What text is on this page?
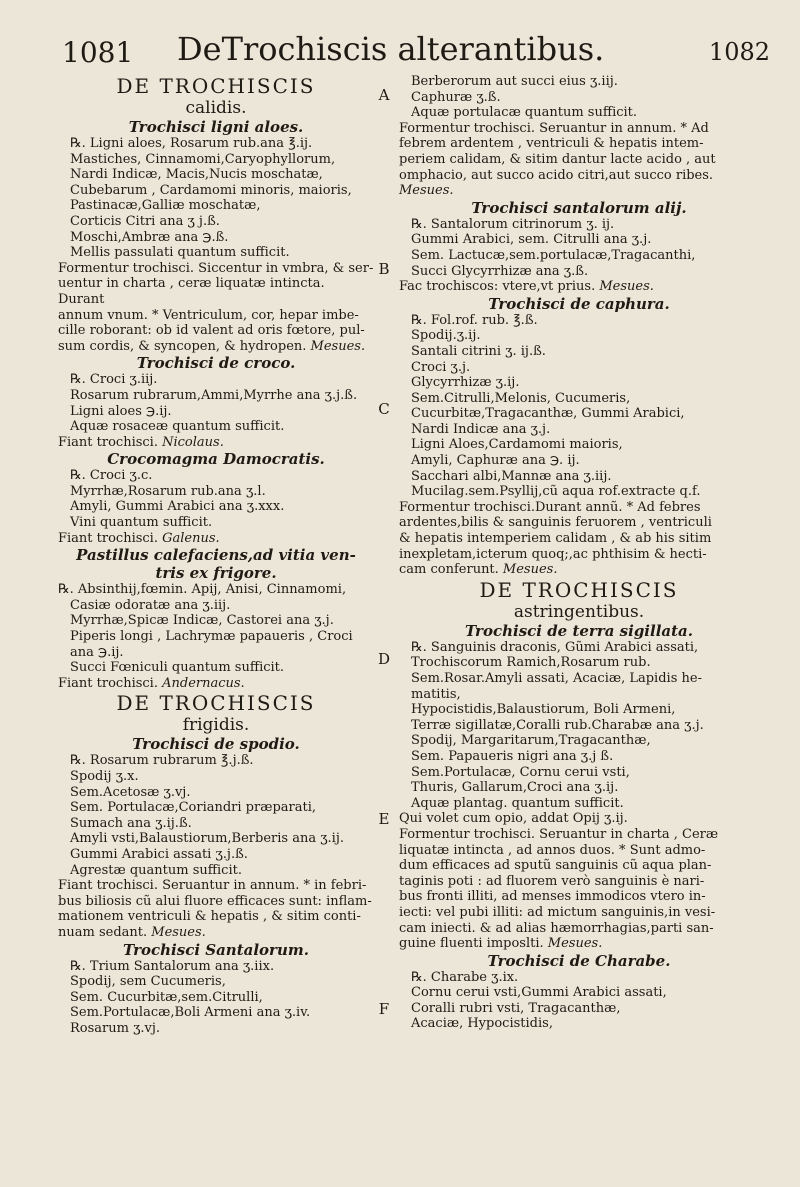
1081 DeTrochiscis alterantibus.	1082

DE TROCHISCIS

calidis.

Trochisci ligni aloes.

℞. Ligni aloes, Rosarum rub.ana ℥.ij.

Mastiches, Cinnamomi,Caryophyllorum,

Nardi Indicæ, Macis,Nucis moschatæ,

Cubebarum , Cardamomi minoris, maioris,

Pastinacæ,Galliæ moschatæ,

Corticis Citri ana ʒ j.ß.

Moschi,Ambræ ana ℈.ß.

Mellis passulati quantum sufficit.

Formentur trochisci. Siccentur in vmbra, & ser-

uentur in charta , ceræ liquatæ intincta. Durant

annum vnum. * Ventriculum, cor, hepar imbe-

cille roborant: ob id valent ad oris fœtore, pul-

sum cordis, & syncopen, & hydropen. Mesues.

Trochisci de croco.

℞. Croci ʒ.iij.

Rosarum rubrarum,Ammi,Myrrhe ana ʒ.j.ß.

Ligni aloes ℈.ij.

Aquæ rosaceæ quantum sufficit.

Fiant trochisci. Nicolaus.

Crocomagma Damocratis.

℞. Croci ʒ.c.

Myrrhæ,Rosarum rub.ana ʒ.l.

Amyli, Gummi Arabici ana ʒ.xxx.

Vini quantum sufficit.

Fiant trochisci. Galenus.

Pastillus calefaciens,ad vitia ven-

tris ex frigore.

℞. Absinthij,fœmin. Apij, Anisi, Cinnamomi,

Casiæ odoratæ ana ʒ.iij.

Myrrhæ,Spicæ Indicæ, Castorei ana ʒ.j.

Piperis longi , Lachrymæ papaueris , Croci

ana ℈.ij.

Succi Fœniculi quantum sufficit.

Fiant trochisci. Andernacus.

DE TROCHISCIS

frigidis.

Trochisci de spodio.

℞. Rosarum rubrarum ℥.j.ß.

Spodij ʒ.x.

Sem.Acetosæ ʒ.vj.

Sem. Portulacæ,Coriandri præparati,

Sumach ana ʒ.ij.ß.

Amyli vsti,Balaustiorum,Berberis ana ʒ.ij.

Gummi Arabici assati ʒ.j.ß.

Agrestæ quantum sufficit.

Fiant trochisci. Seruantur in annum. * in febri-

bus biliosis cũ alui fluore efficaces sunt: inflam-

mationem ventriculi & hepatis , & sitim conti-

nuam sedant. Mesues.

Trochisci Santalorum.

℞. Trium Santalorum ana ʒ.iix.

Spodij, sem Cucumeris,

Sem. Cucurbitæ,sem.Citrulli,

Sem.Portulacæ,Boli Armeni ana ʒ.iv.

Rosarum ʒ.vj.

A
B
C
D
E
F

Berberorum aut succi eius ʒ.iij.

Caphuræ ʒ.ß.

Aquæ portulacæ quantum sufficit.

Formentur trochisci. Seruantur in annum. * Ad

febrem ardentem , ventriculi & hepatis intem-

periem calidam, & sitim dantur lacte acido , aut

omphacio, aut succo acido citri,aut succo ribes.

Mesues.

Trochisci santalorum alij.

℞. Santalorum citrinorum ʒ. ij.

Gummi Arabici, sem. Citrulli ana ʒ.j.

Sem. Lactucæ,sem.portulacæ,Tragacanthi,

Succi Glycyrrhizæ ana ʒ.ß.

Fac trochiscos: vtere,vt prius. Mesues.

Trochisci de caphura.

℞. Fol.rof. rub. ℥.ß.

Spodij.ʒ.ij.

Santali citrini ʒ. ij.ß.

Croci ʒ.j.

Glycyrrhizæ ʒ.ij.

Sem.Citrulli,Melonis, Cucumeris,

Cucurbitæ,Tragacanthæ, Gummi Arabici,

Nardi Indicæ ana ʒ.j.

Ligni Aloes,Cardamomi maioris,

Amyli, Caphuræ ana ℈. ij.

Sacchari albi,Mannæ ana ʒ.iij.

Mucilag.sem.Psyllij,cũ aqua rof.extracte q.f.

Formentur trochisci.Durant annũ. * Ad febres

ardentes,bilis & sanguinis feruorem , ventriculi

& hepatis intemperiem calidam , & ab his sitim

inexpletam,icterum quoq;,ac phthisim & hecti-

cam conferunt. Mesues.

DE TROCHISCIS

astringentibus.

Trochisci de terra sigillata.

℞. Sanguinis draconis, Gũmi Arabici assati,

Trochiscorum Ramich,Rosarum rub.

Sem.Rosar.Amyli assati, Acaciæ, Lapidis he-

matitis,

Hypocistidis,Balaustiorum, Boli Armeni,

Terræ sigillatæ,Coralli rub.Charabæ ana ʒ.j.

Spodij, Margaritarum,Tragacanthæ,

Sem. Papaueris nigri ana ʒ.j ß.

Sem.Portulacæ, Cornu cerui vsti,

Thuris, Gallarum,Croci ana ʒ.ij.

Aquæ plantag. quantum sufficit.

Qui volet cum opio, addat Opij ʒ.ij.

Formentur trochisci. Seruantur in charta , Ceræ

liquatæ intincta , ad annos duos. * Sunt admo-

dum efficaces ad sputũ sanguinis cũ aqua plan-

taginis poti : ad fluorem verò sanguinis è nari-

bus fronti illiti, ad menses immodicos vtero in-

iecti: vel pubi illiti: ad mictum sanguinis,in vesi-

cam iniecti. & ad alias hæmorrhagias,parti san-

guine fluenti imposlti. Mesues.

Trochisci de Charabe.

℞. Charabe ʒ.ix.

Cornu cerui vsti,Gummi Arabici assati,

Coralli rubri vsti, Tragacanthæ,

Acaciæ, Hypocistidis,
